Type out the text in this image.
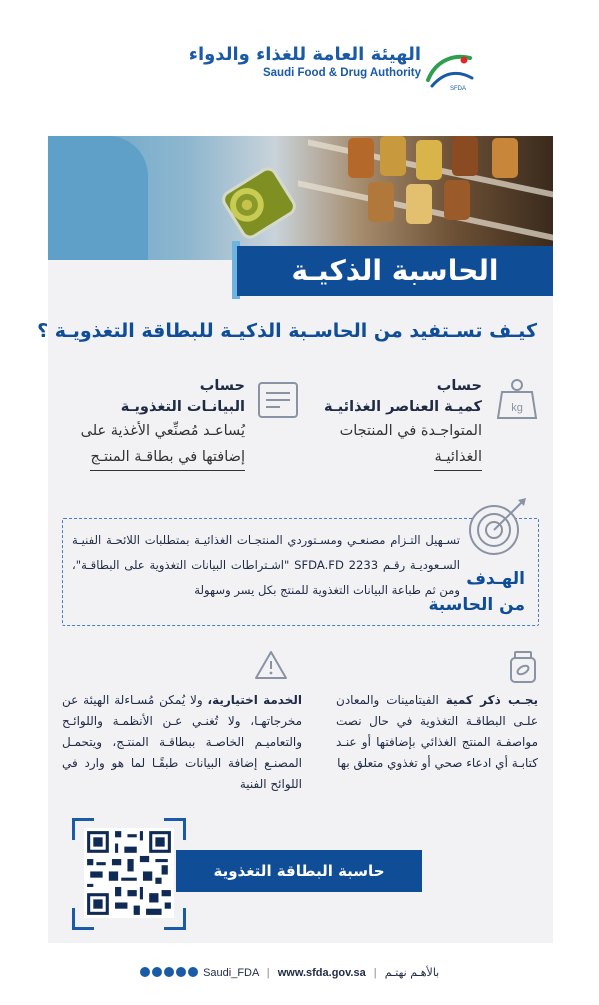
الهيئة العامة للغذاء والدواء
Saudi Food & Drug Authority
SFDA
الحاسبة الذكيـة
كيـف تسـتفيد من الحاسـبة الذكيـة للبطاقة التغذويـة ؟
kg
حساب
كميـة العناصر الغذائيـة
المتواجـدة في المنتجات
الغذائيـة
حساب
البيانـات التغذويـة
يُساعـد مُصنِّعي الأغذية على
إضافتها في بطاقـة المنتـج
الهـدف
من الحاسبة
تسـهيل التـزام مصنعـي ومسـتوردي المنتجـات الغذائيـة بمتطلبات اللائحـة الفنيـة السـعوديـة رقـم SFDA.FD 2233 "اشـتراطات البيانات التغذوية على البطاقـة"، ومن ثم طباعة البيانات التغذوية للمنتج بكل يسر وسهولة
يجـب ذكر كمية الفيتامينات والمعادن علـى البطاقـة التغذوية في حال نصت مواصفـة المنتج الغذائي بإضافتها أو عنـد كتابـة أي ادعاء صحي أو تغذوي متعلق بها
الخدمة اختيارية، ولا يُمكن مُسـاءلة الهيئة عن مخرجاتهـا، ولا تُغنـي عـن الأنظمـة واللوائـح والتعاميـم الخاصـة ببطاقـة المنتـج، ويتحمـل المصنـع إضافة البيانات طبقًـا لما هو وارد في اللوائح الفنية
حاسبة البطاقة التغذوية
Saudi_FDA | www.sfda.gov.sa | بالأهـم نهتـم
